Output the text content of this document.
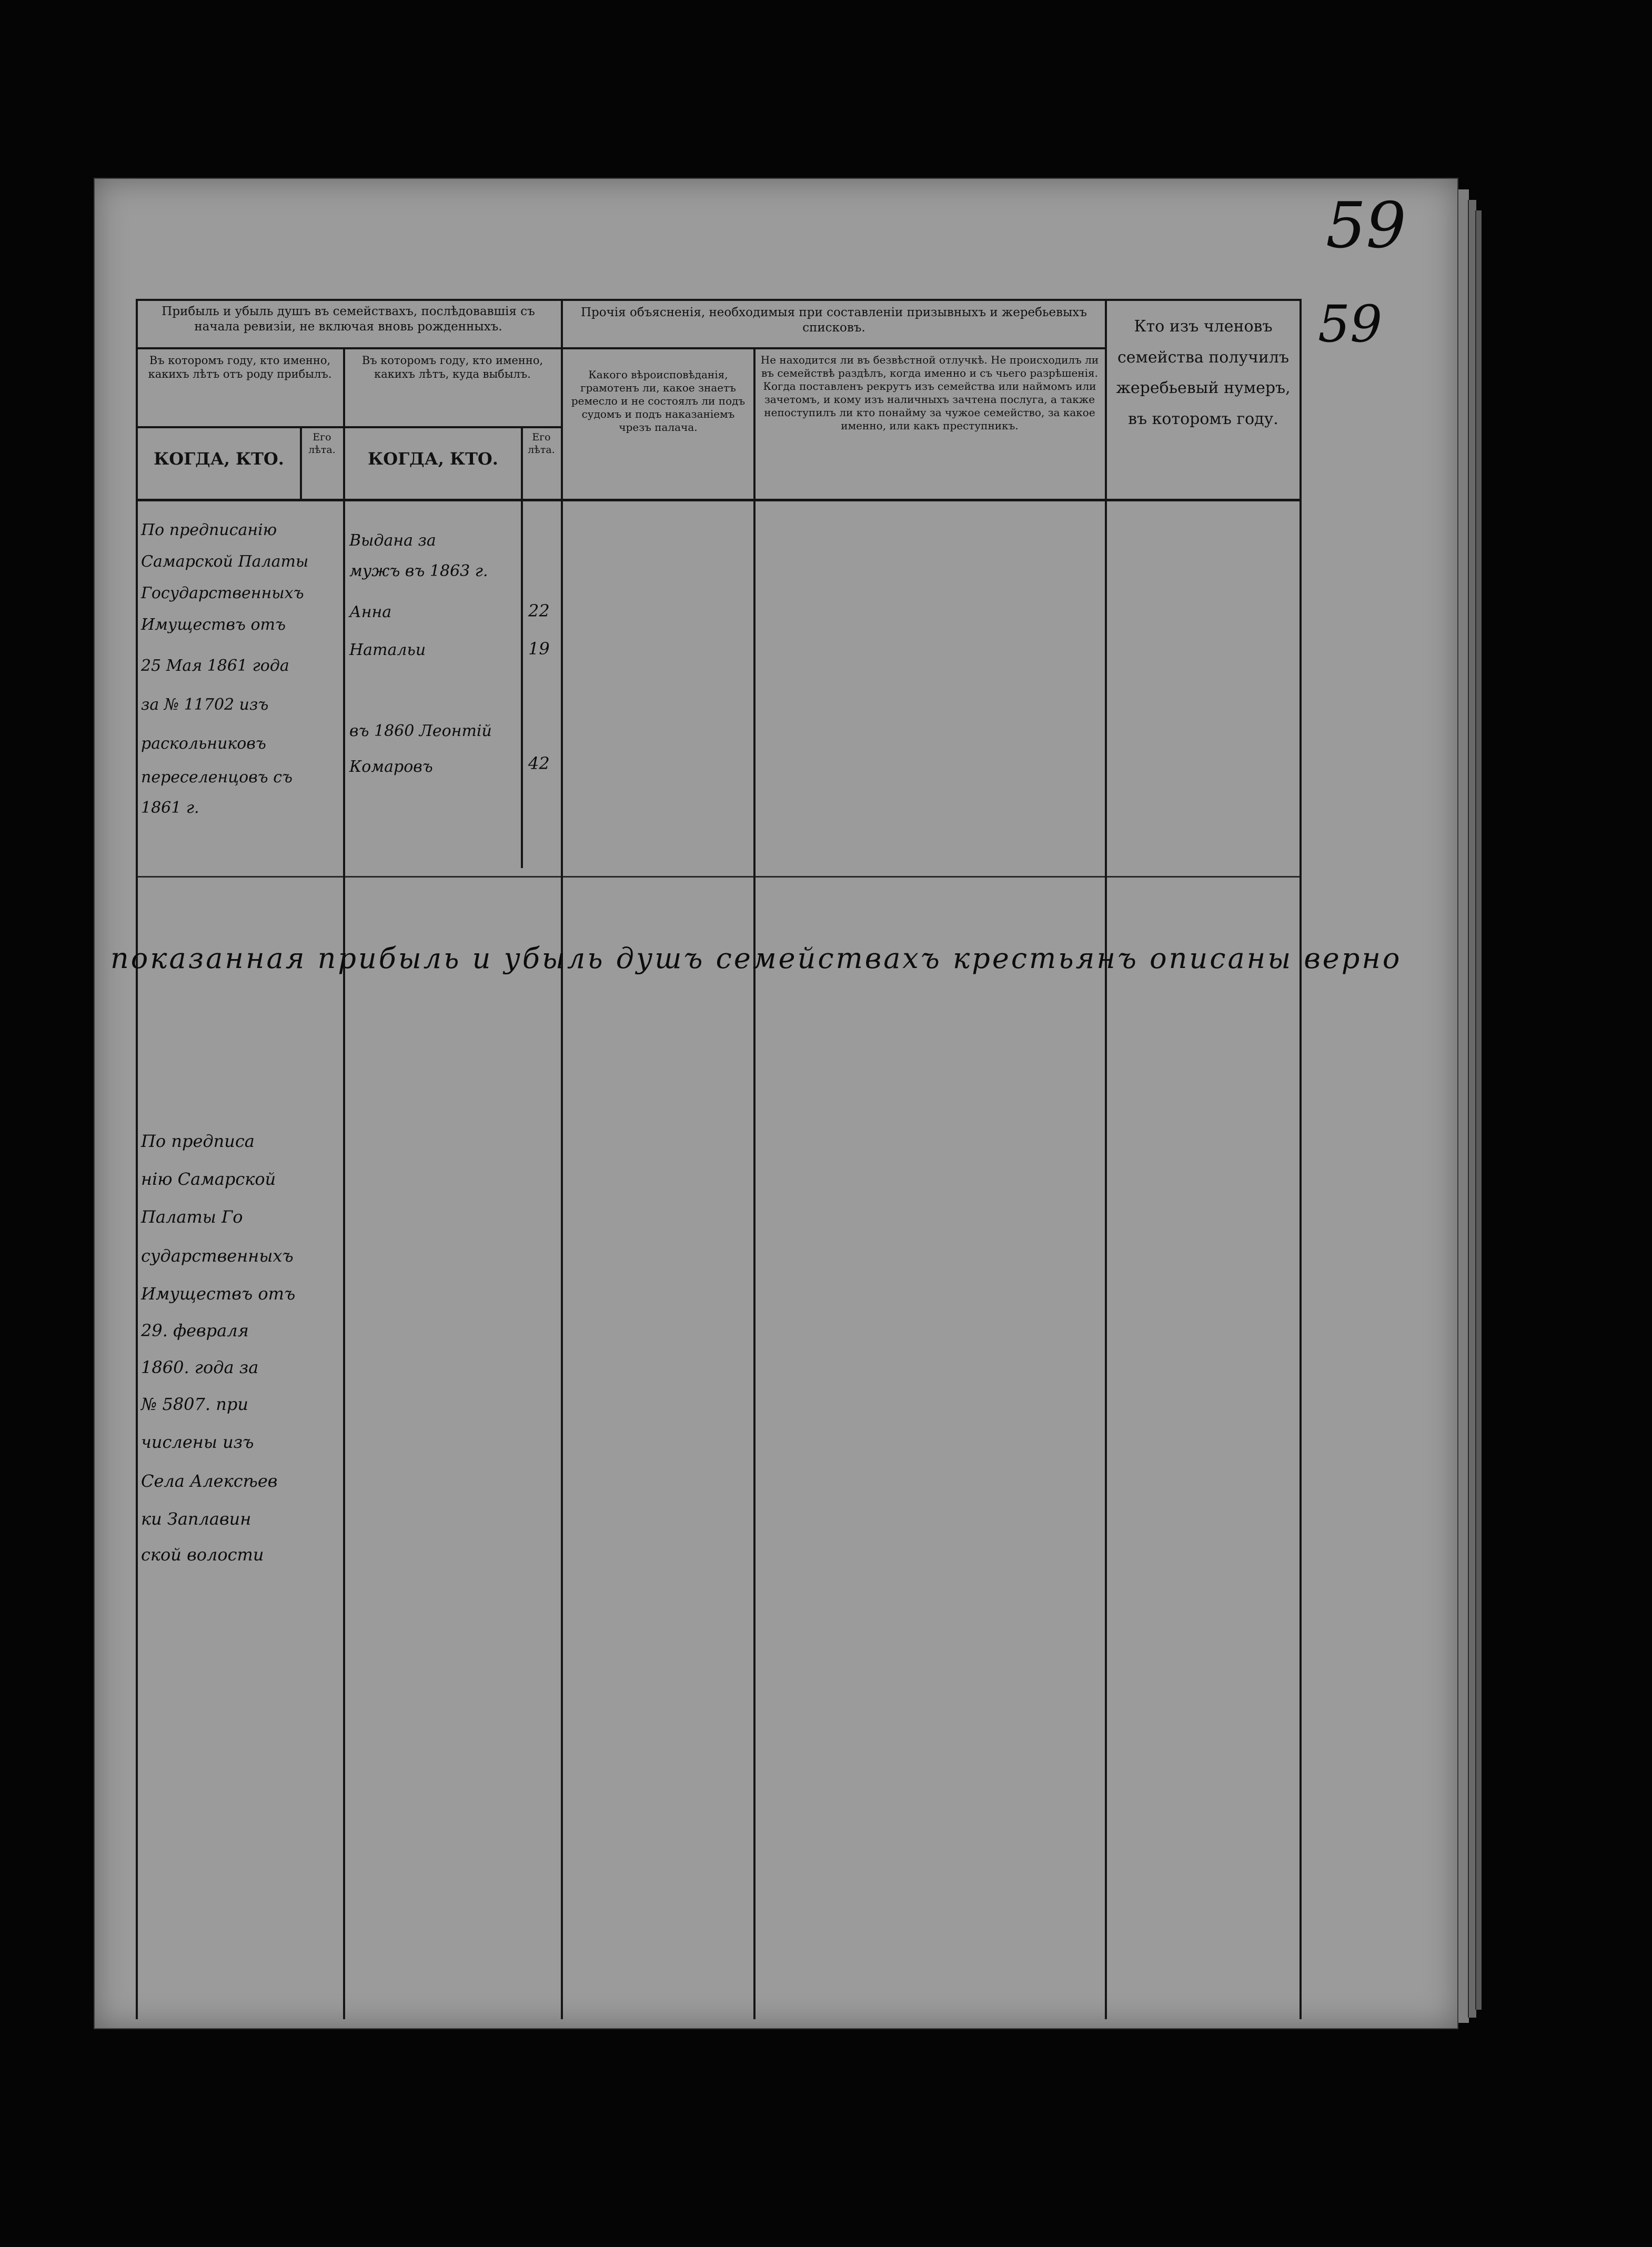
59
59
Прибыль и убыль душъ въ семействахъ, послѣдовавшія съ начала ревизіи, не включая вновь рожденныхъ.
Въ которомъ году, кто именно, какихъ лѣтъ отъ роду прибылъ.
Въ которомъ году, кто именно, какихъ лѣтъ, куда выбылъ.
КОГДА, КТО.
Его лѣта.	КОГДА, КТО.
Его лѣта.
Прочія объясненія, необходимыя при составленіи призывныхъ и жеребьевыхъ списковъ.
Какого вѣроисповѣданія, грамотенъ ли, какое знаетъ ремесло и не состоялъ ли подъ судомъ и подъ наказаніемъ чрезъ палача.
Не находится ли въ безвѣстной отлучкѣ. Не происходилъ ли въ семействѣ раздѣлъ, когда именно и съ чьего разрѣшенія. Когда поставленъ рекрутъ изъ семейства или наймомъ или зачетомъ, и кому изъ наличныхъ зачтена послуга, а также непоступилъ ли кто понаймy за чужое семейство, за какое именно, или какъ преступникъ.
Кто изъ членовъ семейства получилъ жеребьевый нумеръ, въ которомъ году.
По предписанію
Самарской Палаты
Государственныхъ
Имуществъ отъ
25 Мая 1861 года
за № 11702 изъ
раскольниковъ
переселенцовъ съ
1861 г.
Выдана за
мужъ въ 1863 г.
Анна
Натальи
въ 1860 Леонтій
Комаровъ
22
19
42
показанная прибыль и убыль душъ семействахъ крестьянъ описаны верно
По предписа
нію Самарской
Палаты Го
сударственныхъ
Имуществъ отъ
29. февраля
1860. года за
№ 5807. при
числены изъ
Села Алексѣев
ки Заплавин
ской волости
